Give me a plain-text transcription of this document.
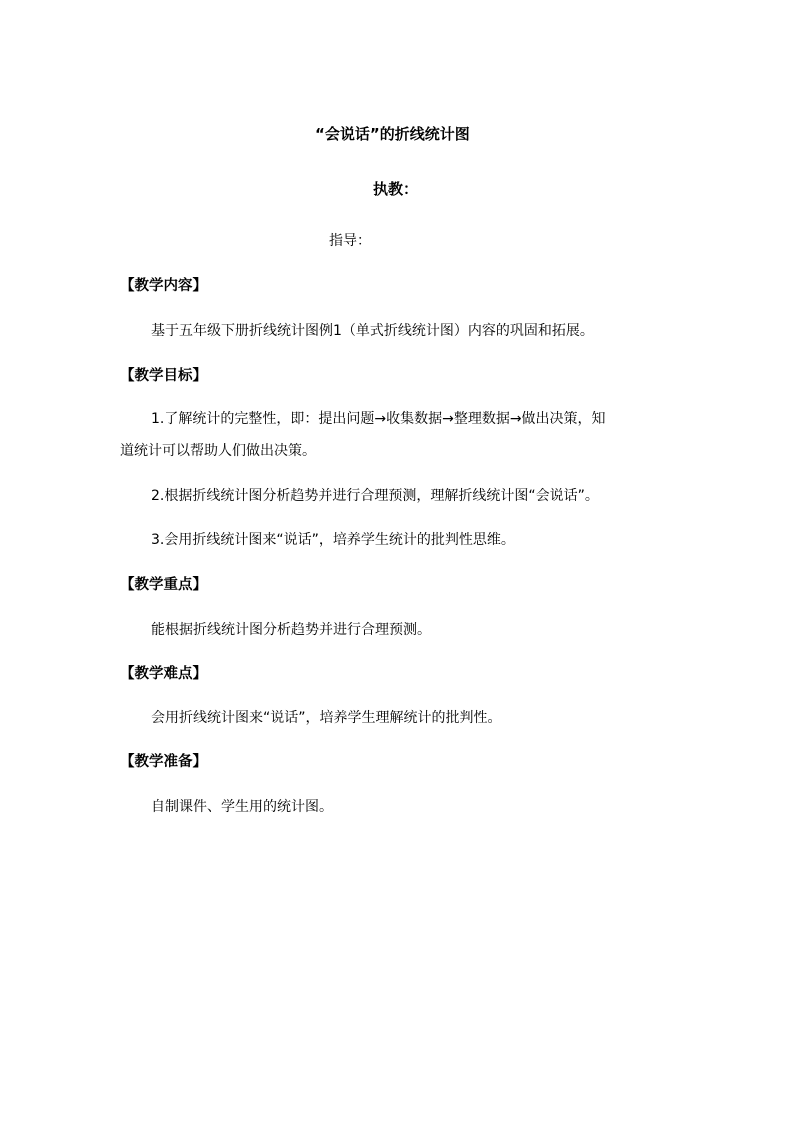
“会说话”的折线统计图
执教：
指导：
【教学内容】
基于五年级下册折线统计图例1（单式折线统计图）内容的巩固和拓展。
【教学目标】
1.了解统计的完整性，即：提出问题→收集数据→整理数据→做出决策，知
道统计可以帮助人们做出决策。
2.根据折线统计图分析趋势并进行合理预测，理解折线统计图“会说话”。
3.会用折线统计图来“说话”，培养学生统计的批判性思维。
【教学重点】
能根据折线统计图分析趋势并进行合理预测。
【教学难点】
会用折线统计图来“说话”，培养学生理解统计的批判性。
【教学准备】
自制课件、学生用的统计图。
